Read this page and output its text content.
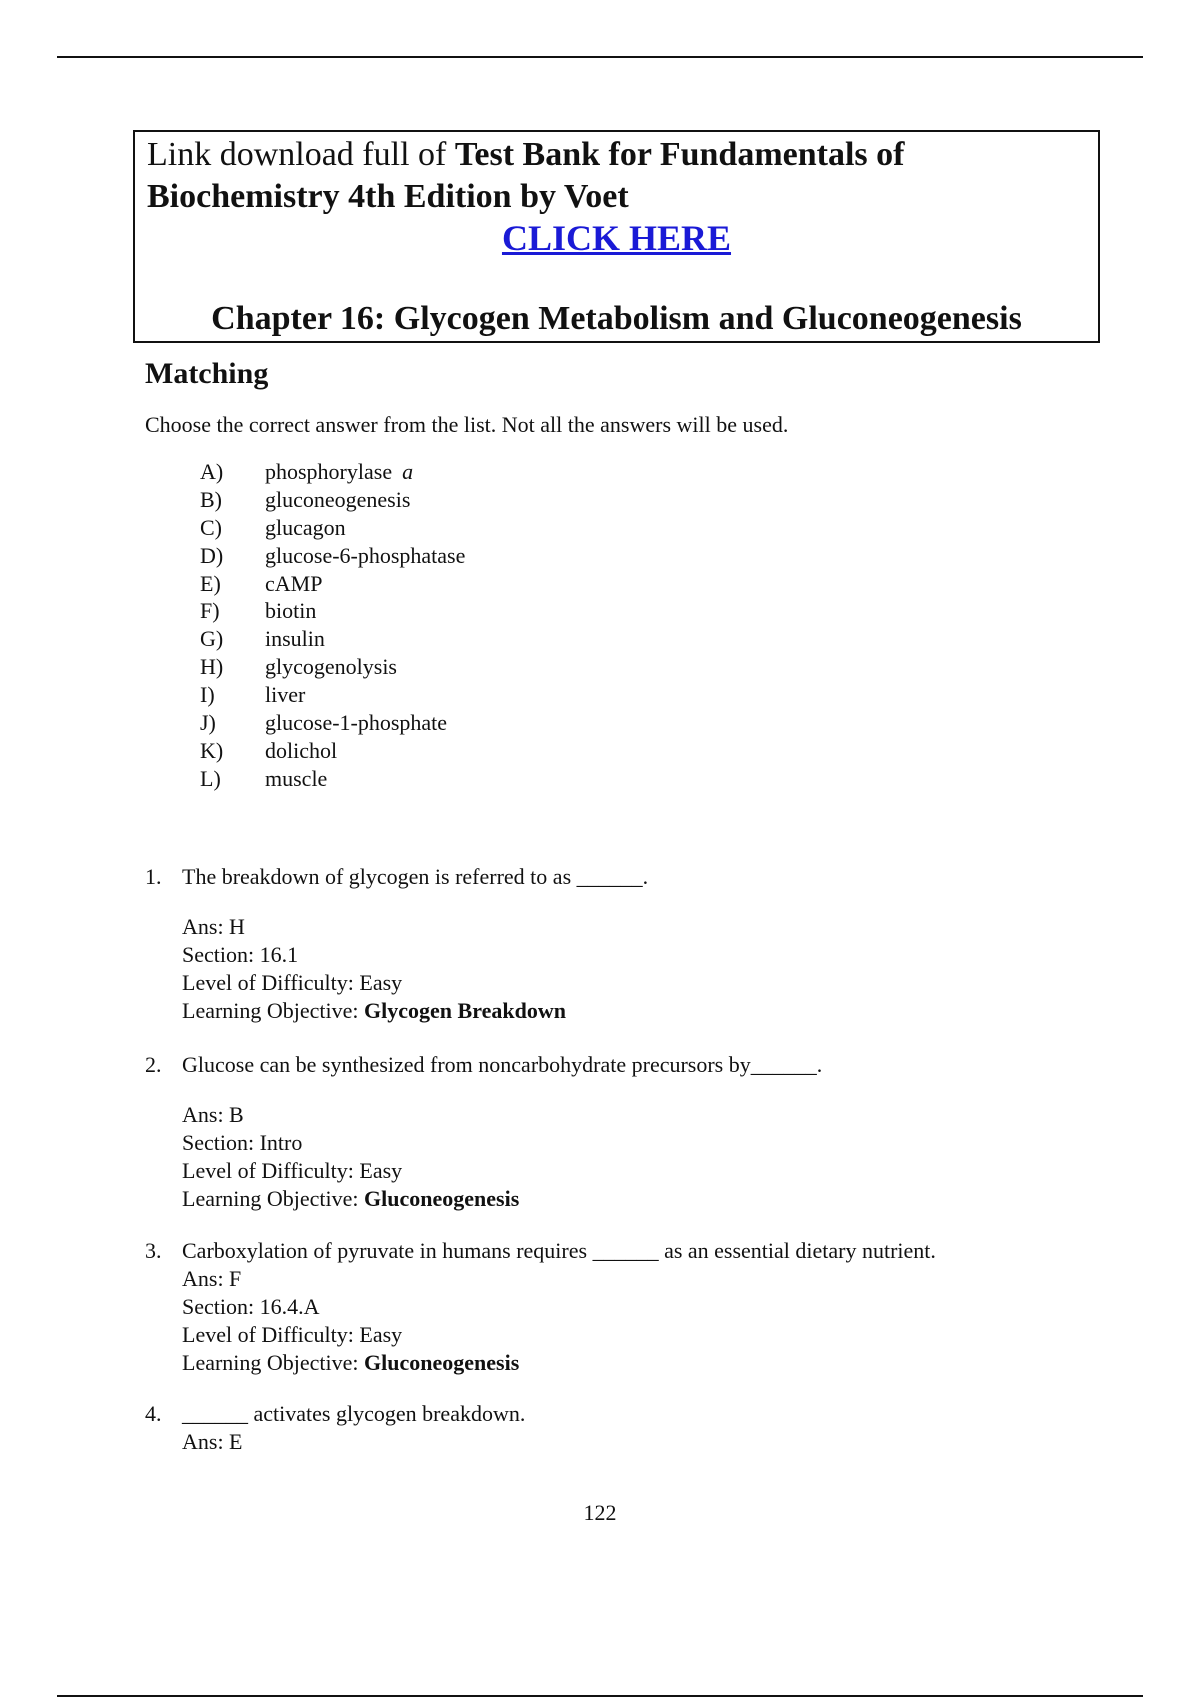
Link download full of Test Bank for Fundamentals of
Biochemistry 4th Edition by Voet
CLICK HERE
Chapter 16: Glycogen Metabolism and Gluconeogenesis
Matching
Choose the correct answer from the list. Not all the answers will be used.
A) phosphorylase a
B) gluconeogenesis
C) glucagon
D) glucose-6-phosphatase
E) cAMP
F) biotin
G) insulin
H) glycogenolysis
I) liver
J) glucose-1-phosphate
K) dolichol
L) muscle
1. The breakdown of glycogen is referred to as ______.
Ans: H
Section: 16.1
Level of Difficulty: Easy
Learning Objective: Glycogen Breakdown
2. Glucose can be synthesized from noncarbohydrate precursors by______.
Ans: B
Section: Intro
Level of Difficulty: Easy
Learning Objective: Gluconeogenesis
3. Carboxylation of pyruvate in humans requires ______ as an essential dietary nutrient.
Ans: F
Section: 16.4.A
Level of Difficulty: Easy
Learning Objective: Gluconeogenesis
4. ______ activates glycogen breakdown.
Ans: E
122
